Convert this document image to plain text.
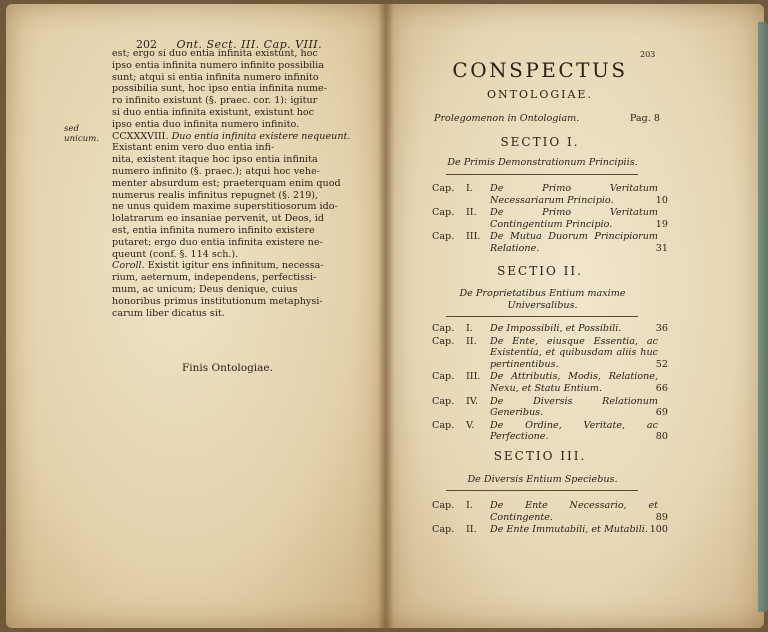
202 Ont. Sect. III. Cap. VIII.

est; ergo si duo entia infinita existunt, hoc

ipso entia infinita numero infinito possibilia

sunt; atqui si entia infinita numero infinito

possibilia sunt, hoc ipso entia infinita nume-

ro infinito existunt (§. praec. cor. 1): igitur

si duo entia infinita existunt, existunt hoc

ipso entia duo infinita numero infinito.

CCXXXVIII. Duo entia infinita existere nequeunt.

Existant enim vero duo entia infi-

nita, existent itaque hoc ipso entia infinita

numero infinito (§. praec.); atqui hoc vehe-

menter absurdum est; praeterquam enim quod

numerus realis infinitus repugnet (§. 219),

ne unus quidem maxime superstitiosorum ido-

lolatrarum eo insaniae pervenit, ut Deos, id

est, entia infinita numero infinito existere

putaret: ergo duo entia infinita existere ne-

queunt (conf. §. 114 sch.).

Coroll. Existit igitur ens infinitum, necessa-

rium, aeternum, independens, perfectissi-

mum, ac unicum; Deus denique, cuius

honoribus primus institutionum metaphysi-

carum liber dicatus sit.

sed unicum.
Finis Ontologiae.
203
CONSPECTUS
ONTOLOGIAE.
Prolegomenon in Ontologiam.	Pag. 8
SECTIO I.
De Primis Demonstrationum Principiis.
Cap.	I.	De Primo Veritatum Necessariarum Principio.	10
Cap.	II.	De Primo Veritatum Contingentium Principio.	19
Cap.	III. De Mutua Duorum Principiorum Relatione.	31
SECTIO II.
De Proprietatibus Entium maxime Universalibus.
Cap.	I.	De Impossibili, et Possibili.	36
Cap.	II.	De Ente, eiusque Essentia, ac Existentia, et quibusdam aliis huc pertinentibus.	52
Cap.	III. De Attributis, Modis, Relatione, Nexu, et Statu Entium.	66
Cap.	IV.	De Diversis Relationum Generibus.	69
Cap.	V.	De Ordine, Veritate, ac Perfectione.	80
SECTIO III.
De Diversis Entium Speciebus.
Cap.	I.	De Ente Necessario, et Contingente.	89
Cap.	II.	De Ente Immutabili, et Mutabili. 100
